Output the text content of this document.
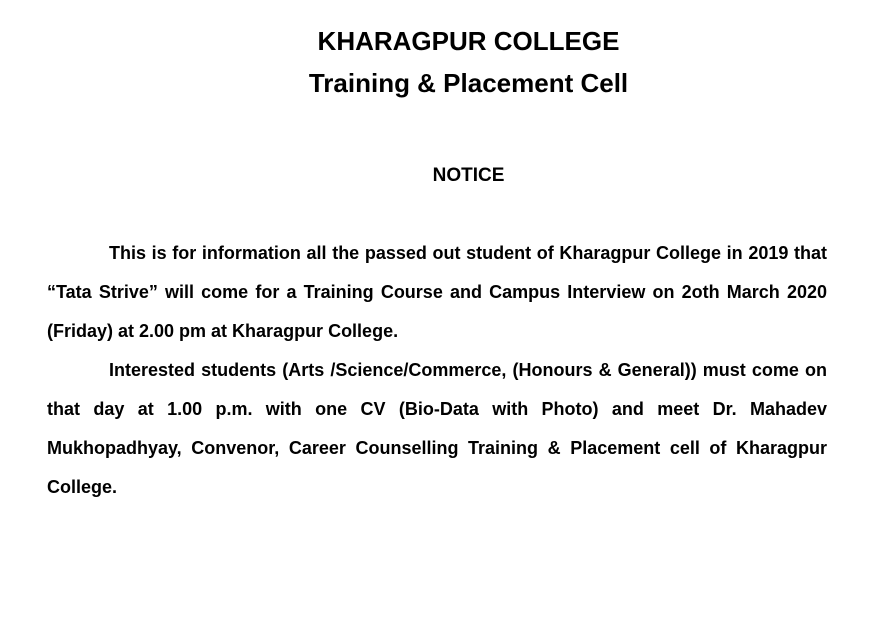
KHARAGPUR COLLEGE
Training & Placement Cell
NOTICE

This is for information all the passed out student of Kharagpur College in 2019 that “Tata Strive” will come for a Training Course and Campus Interview on 2oth March 2020 (Friday) at 2.00 pm at Kharagpur College.

Interested students (Arts /Science/Commerce, (Honours & General)) must come on that day at 1.00 p.m. with one CV (Bio-Data with Photo) and meet Dr. Mahadev Mukhopadhyay, Convenor, Career Counselling Training & Placement cell of Kharagpur College.
